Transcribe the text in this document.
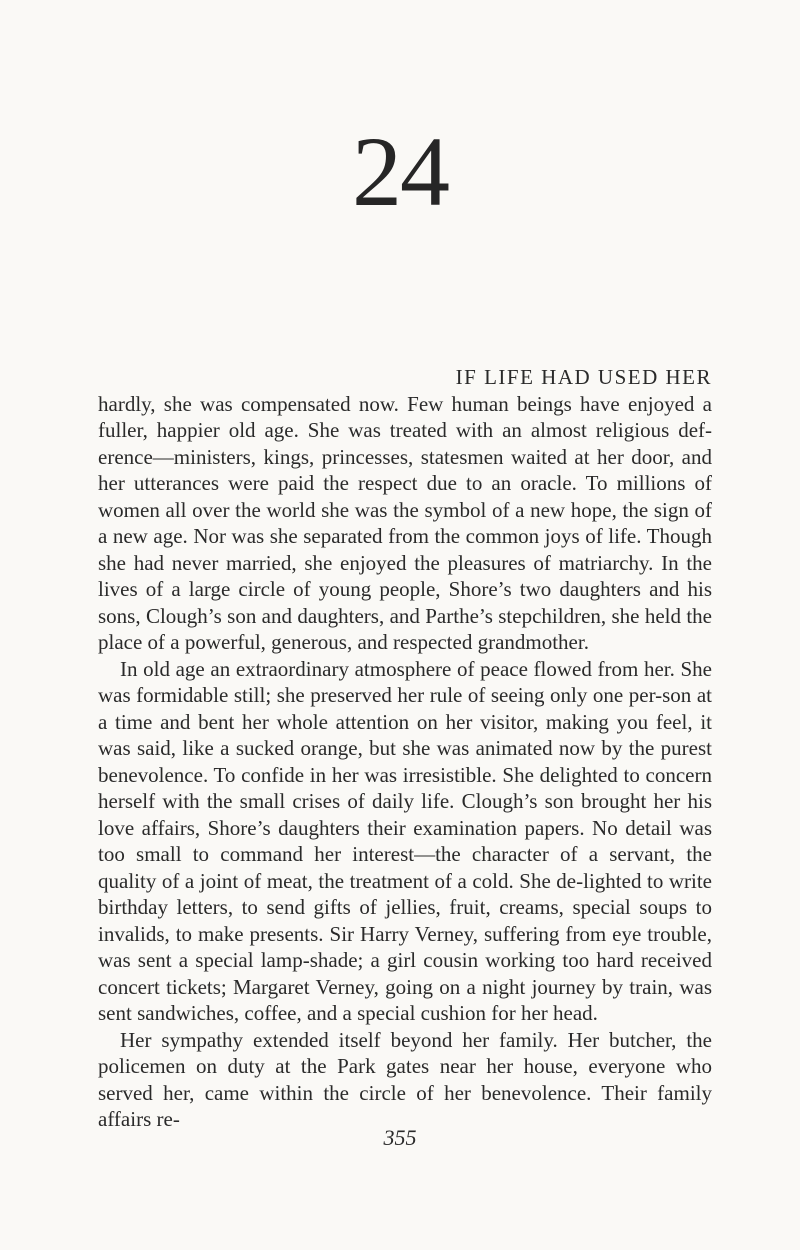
24

IF LIFE HAD USED HER
hardly, she was compensated now. Few human beings have enjoyed a fuller, happier old age. She was treated with an almost religious def-erence—ministers, kings, princesses, statesmen waited at her door, and her utterances were paid the respect due to an oracle. To millions of women all over the world she was the symbol of a new hope, the sign of a new age. Nor was she separated from the common joys of life. Though she had never married, she enjoyed the pleasures of matriarchy. In the lives of a large circle of young people, Shore’s two daughters and his sons, Clough’s son and daughters, and Parthe’s stepchildren, she held the place of a powerful, generous, and respected grandmother.

In old age an extraordinary atmosphere of peace flowed from her. She was formidable still; she preserved her rule of seeing only one per-son at a time and bent her whole attention on her visitor, making you feel, it was said, like a sucked orange, but she was animated now by the purest benevolence. To confide in her was irresistible. She delighted to concern herself with the small crises of daily life. Clough’s son brought her his love affairs, Shore’s daughters their examination papers. No detail was too small to command her interest—the character of a servant, the quality of a joint of meat, the treatment of a cold. She de-lighted to write birthday letters, to send gifts of jellies, fruit, creams, special soups to invalids, to make presents. Sir Harry Verney, suffering from eye trouble, was sent a special lamp-shade; a girl cousin working too hard received concert tickets; Margaret Verney, going on a night journey by train, was sent sandwiches, coffee, and a special cushion for her head.

Her sympathy extended itself beyond her family. Her butcher, the policemen on duty at the Park gates near her house, everyone who served her, came within the circle of her benevolence. Their family affairs re-

355
